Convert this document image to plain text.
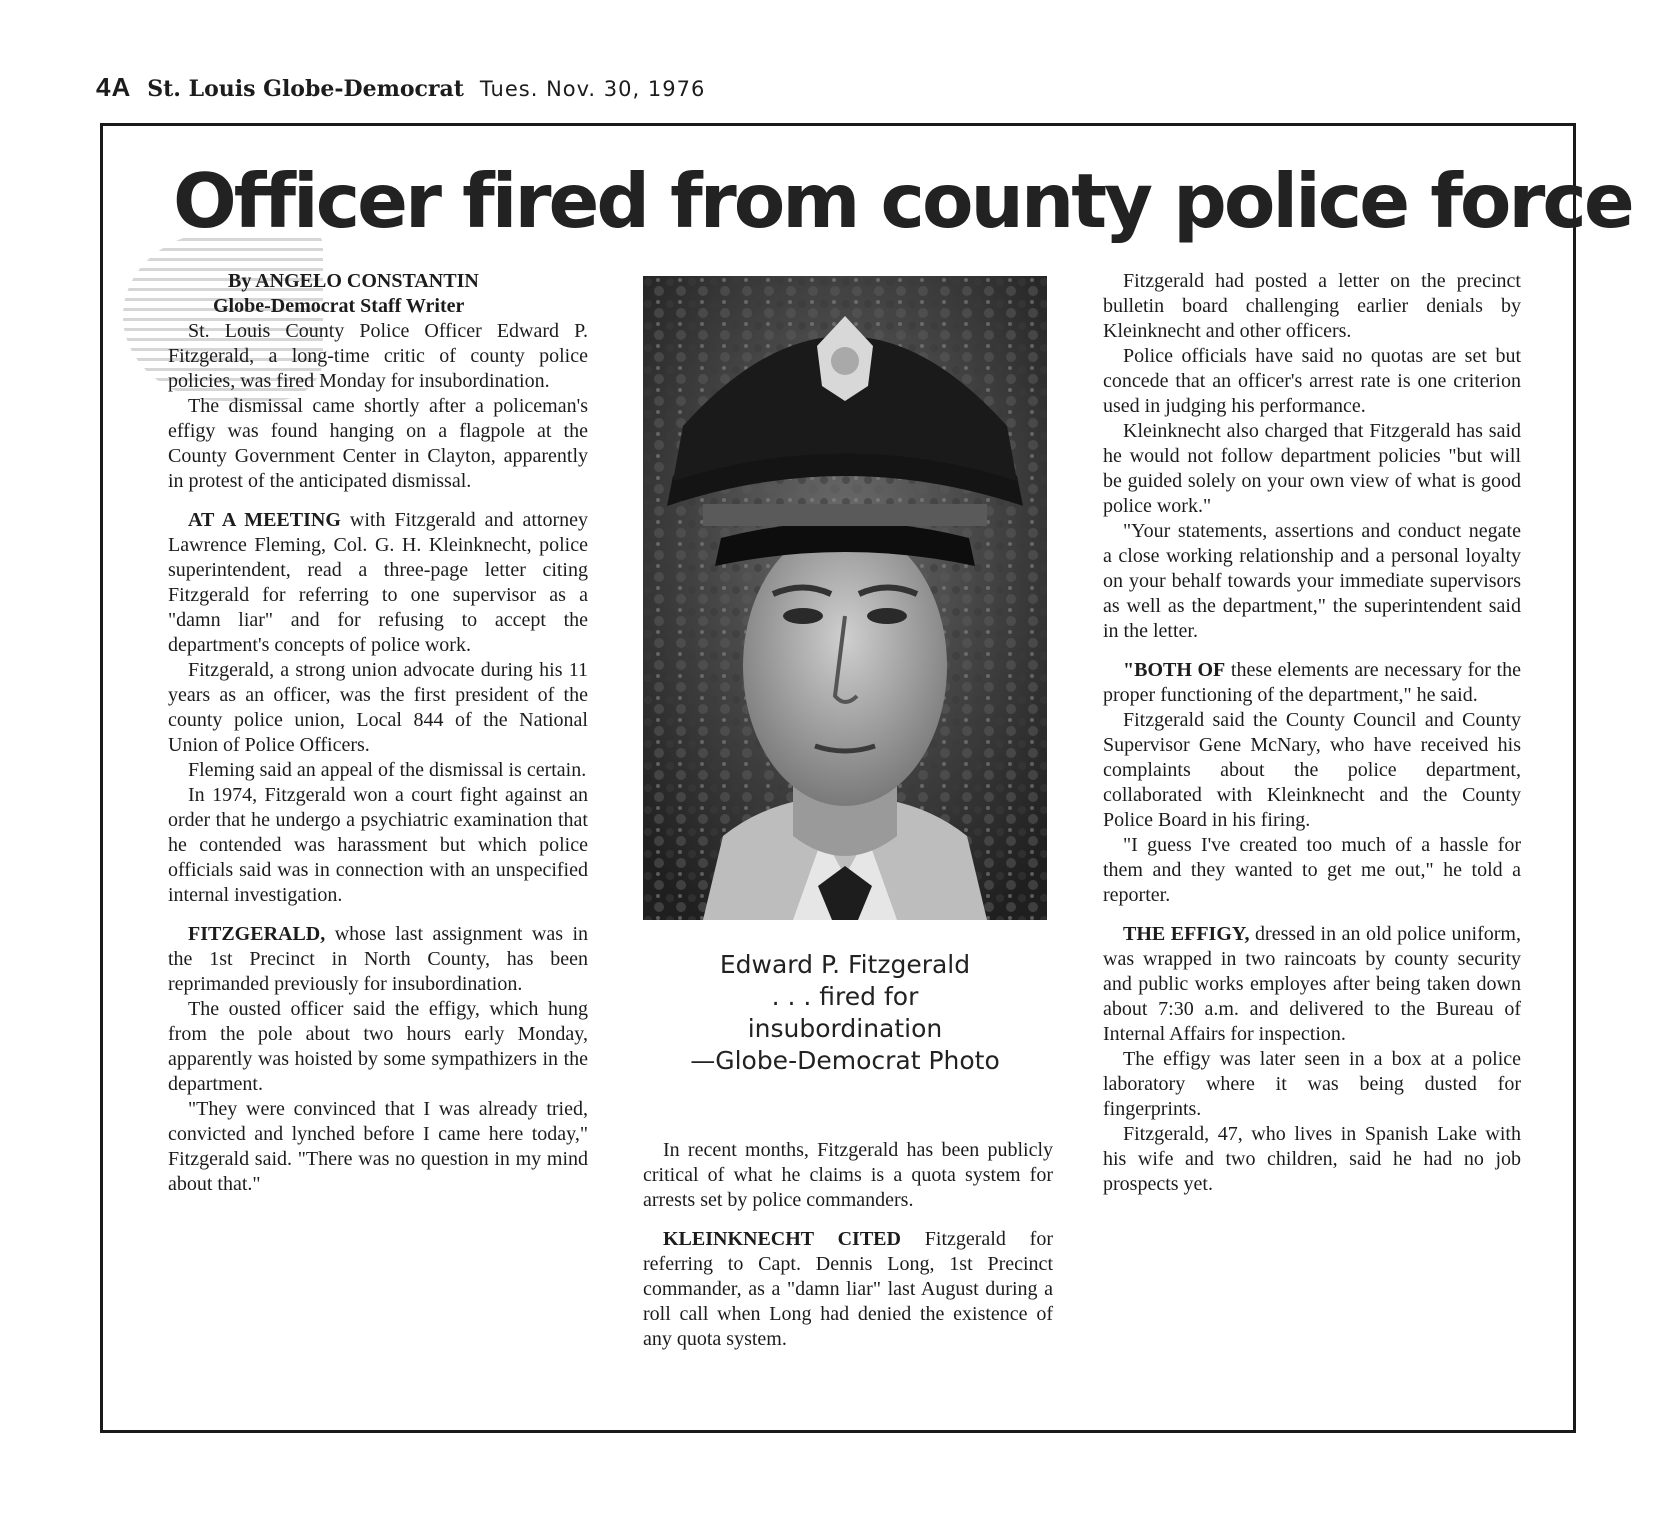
4A St. Louis Globe-Democrat Tues. Nov. 30, 1976
Officer fired from county police force

By ANGELO CONSTANTIN

Globe-Democrat Staff Writer

St. Louis County Police Officer Edward P. Fitzgerald, a long-time critic of county police policies, was fired Monday for insubordination.

The dismissal came shortly after a policeman's effigy was found hanging on a flagpole at the County Government Center in Clayton, apparently in protest of the anticipated dismissal.

AT A MEETING with Fitzgerald and attorney Lawrence Fleming, Col. G. H. Kleinknecht, police superintendent, read a three-page letter citing Fitzgerald for referring to one supervisor as a "damn liar" and for refusing to accept the department's concepts of police work.

Fitzgerald, a strong union advocate during his 11 years as an officer, was the first president of the county police union, Local 844 of the National Union of Police Officers.

Fleming said an appeal of the dismissal is certain.

In 1974, Fitzgerald won a court fight against an order that he undergo a psychiatric examination that he contended was harassment but which police officials said was in connection with an unspecified internal investigation.

FITZGERALD, whose last assignment was in the 1st Precinct in North County, has been reprimanded previously for insubordination.

The ousted officer said the effigy, which hung from the pole about two hours early Monday, apparently was hoisted by some sympathizers in the department.

"They were convinced that I was already tried, convicted and lynched before I came here today," Fitzgerald said. "There was no question in my mind about that."

Edward P. Fitzgerald
. . . fired for
insubordination
—Globe-Democrat Photo

In recent months, Fitzgerald has been publicly critical of what he claims is a quota system for arrests set by police commanders.

KLEINKNECHT CITED Fitzgerald for referring to Capt. Dennis Long, 1st Precinct commander, as a "damn liar" last August during a roll call when Long had denied the existence of any quota system.

Fitzgerald had posted a letter on the precinct bulletin board challenging earlier denials by Kleinknecht and other officers.

Police officials have said no quotas are set but concede that an officer's arrest rate is one criterion used in judging his performance.

Kleinknecht also charged that Fitzgerald has said he would not follow department policies "but will be guided solely on your own view of what is good police work."

"Your statements, assertions and conduct negate a close working relationship and a personal loyalty on your behalf towards your immediate supervisors as well as the department," the superintendent said in the letter.

"BOTH OF these elements are necessary for the proper functioning of the department," he said.

Fitzgerald said the County Council and County Supervisor Gene McNary, who have received his complaints about the police department, collaborated with Kleinknecht and the County Police Board in his firing.

"I guess I've created too much of a hassle for them and they wanted to get me out," he told a reporter.

THE EFFIGY, dressed in an old police uniform, was wrapped in two raincoats by county security and public works employes after being taken down about 7:30 a.m. and delivered to the Bureau of Internal Affairs for inspection.

The effigy was later seen in a box at a police laboratory where it was being dusted for fingerprints.

Fitzgerald, 47, who lives in Spanish Lake with his wife and two children, said he had no job prospects yet.
